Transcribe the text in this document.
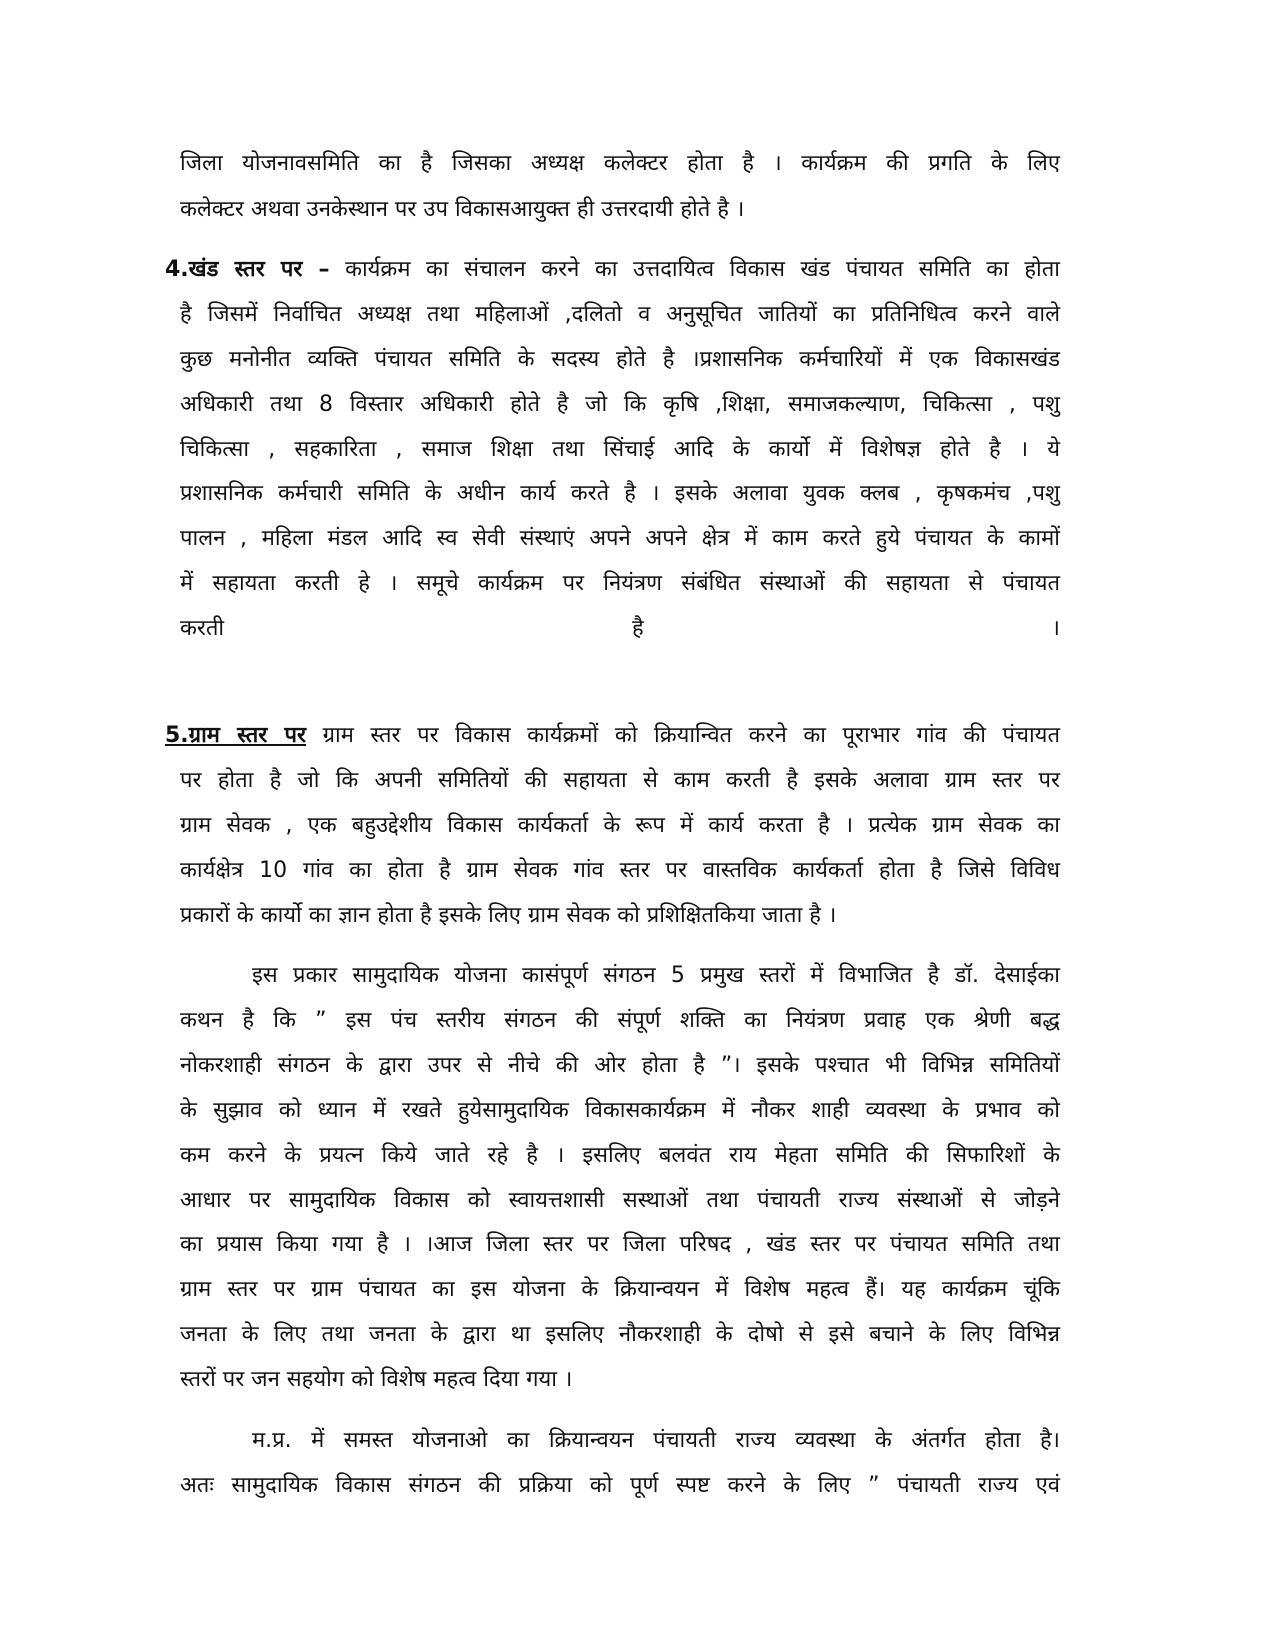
जिला योजनावसमिति का है जिसका अध्यक्ष कलेक्टर होता है । कार्यक्रम की प्रगति के लिए
कलेक्टर अथवा उनकेस्थान पर उप विकासआयुक्त ही उत्तरदायी होते है ।
4.खंड स्तर पर – कार्यक्रम का संचालन करने का उत्तदायित्व विकास खंड पंचायत समिति का होता
है जिसमें निर्वाचित अध्यक्ष तथा महिलाओं ,दलितो व अनुसूचित जातियों का प्रतिनिधित्व करने वाले
कुछ मनोनीत व्यक्ति पंचायत समिति के सदस्य होते है ।प्रशासनिक कर्मचारियों में एक विकासखंड
अधिकारी तथा 8 विस्तार अधिकारी होते है जो कि कृषि ,शिक्षा, समाजकल्याण, चिकित्सा , पशु
चिकित्सा , सहकारिता , समाज शिक्षा तथा सिंचाई आदि के कार्यो में विशेषज्ञ होते है । ये
प्रशासनिक कर्मचारी समिति के अधीन कार्य करते है । इसके अलावा युवक क्लब , कृषकमंच ,पशु
पालन , महिला मंडल आदि स्व सेवी संस्थाएं अपने अपने क्षेत्र में काम करते हुये पंचायत के कामों
में सहायता करती हे । समूचे कार्यक्रम पर नियंत्रण संबंधित संस्थाओं की सहायता से पंचायत
करती है ।
5.ग्राम स्तर पर ग्राम स्तर पर विकास कार्यक्रमों को क्रियान्वित करने का पूराभार गांव की पंचायत
पर होता है जो कि अपनी समितियों की सहायता से काम करती है इसके अलावा ग्राम स्तर पर
ग्राम सेवक , एक बहुउद्देशीय विकास कार्यकर्ता के रूप में कार्य करता है । प्रत्येक ग्राम सेवक का
कार्यक्षेत्र 10 गांव का होता है ग्राम सेवक गांव स्तर पर वास्तविक कार्यकर्ता होता है जिसे विविध
प्रकारों के कार्यो का ज्ञान होता है इसके लिए ग्राम सेवक को प्रशिक्षितकिया जाता है ।
इस प्रकार सामुदायिक योजना कासंपूर्ण संगठन 5 प्रमुख स्तरों में विभाजित है डॉ. देसाईका
कथन है कि ” इस पंच स्तरीय संगठन की संपूर्ण शक्ति का नियंत्रण प्रवाह एक श्रेणी बद्ध
नोकरशाही संगठन के द्वारा उपर से नीचे की ओर होता है ”। इसके पश्चात भी विभिन्न समितियों
के सुझाव को ध्यान में रखते हुयेसामुदायिक विकासकार्यक्रम में नौकर शाही व्यवस्था के प्रभाव को
कम करने के प्रयत्न किये जाते रहे है । इसलिए बलवंत राय मेहता समिति की सिफारिशों के
आधार पर सामुदायिक विकास को स्वायत्तशासी सस्थाओं तथा पंचायती राज्य संस्थाओं से जोड़ने
का प्रयास किया गया है । ।आज जिला स्तर पर जिला परिषद , खंड स्तर पर पंचायत समिति तथा
ग्राम स्तर पर ग्राम पंचायत का इस योजना के क्रियान्वयन में विशेष महत्व हैं। यह कार्यक्रम चूंकि
जनता के लिए तथा जनता के द्वारा था इसलिए नौकरशाही के दोषो से इसे बचाने के लिए विभिन्न
स्तरों पर जन सहयोग को विशेष महत्व दिया गया ।
म.प्र. में समस्त योजनाओ का क्रियान्वयन पंचायती राज्य व्यवस्था के अंतर्गत होता है।
अतः सामुदायिक विकास संगठन की प्रक्रिया को पूर्ण स्पष्ट करने के लिए ” पंचायती राज्य एवं
